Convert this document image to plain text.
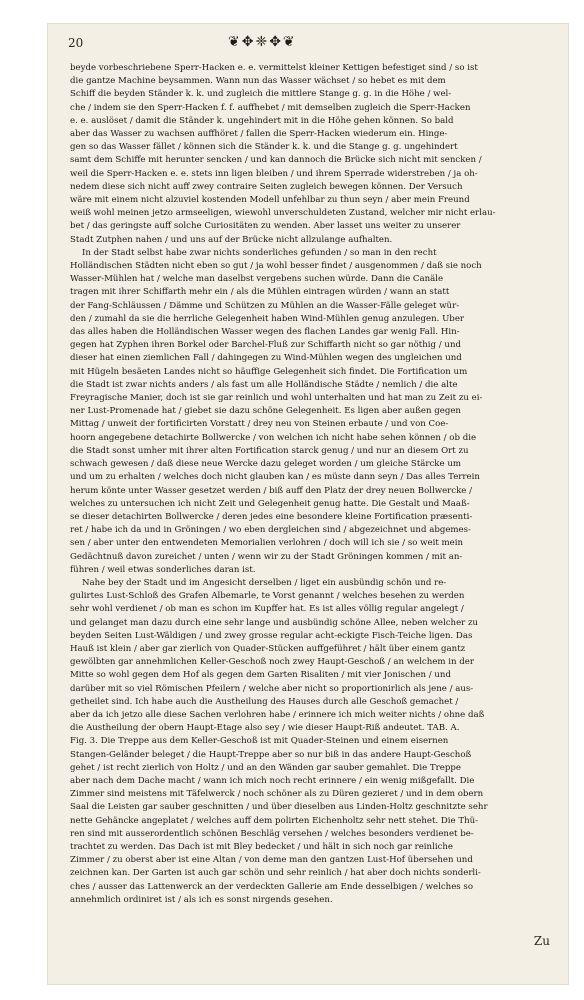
20	❦✥❈✥❦
beyde vorbeschriebene Sperr-Hacken e. e. vermittelst kleiner Kettigen befestiget sind / so ist
die gantze Machine beysammen. Wann nun das Wasser wächset / so hebet es mit dem
Schiff die beyden Ständer k. k. und zugleich die mittlere Stange g. g. in die Höhe / wel-
che / indem sie den Sperr-Hacken f. f. auffhebet / mit demselben zugleich die Sperr-Hacken
e. e. auslöset / damit die Ständer k. ungehindert mit in die Höhe gehen können. So bald
aber das Wasser zu wachsen auffhöret / fallen die Sperr-Hacken wiederum ein. Hinge-
gen so das Wasser fället / können sich die Ständer k. k. und die Stange g. g. ungehindert
samt dem Schiffe mit herunter sencken / und kan dannoch die Brücke sich nicht mit sencken /
weil die Sperr-Hacken e. e. stets inn ligen bleiben / und ihrem Sperrade widerstreben / ja oh-
nedem diese sich nicht auff zwey contraire Seiten zugleich bewegen können. Der Versuch
wäre mit einem nicht alzuviel kostenden Modell unfehlbar zu thun seyn / aber mein Freund
weiß wohl meinen jetzo armseeligen, wiewohl unverschuldeten Zustand, welcher mir nicht erlau-
bet / das geringste auff solche Curiositäten zu wenden. Aber lasset uns weiter zu unserer
Stadt Zutphen nahen / und uns auf der Brücke nicht allzulange aufhalten.
In der Stadt selbst habe zwar nichts sonderliches gefunden / so man in den recht
Holländischen Städten nicht eben so gut / ja wohl besser findet / ausgenommen / daß sie noch
Wasser-Mühlen hat / welche man daselbst vergebens suchen würde. Dann die Canäle
tragen mit ihrer Schiffarth mehr ein / als die Mühlen eintragen würden / wann an statt
der Fang-Schläussen / Dämme und Schützen zu Mühlen an die Wasser-Fälle geleget wür-
den / zumahl da sie die herrliche Gelegenheit haben Wind-Mühlen genug anzulegen. Uber
das alles haben die Holländischen Wasser wegen des flachen Landes gar wenig Fall. Hin-
gegen hat Zyphen ihren Borkel oder Barchel-Fluß zur Schiffarth nicht so gar nöthig / und
dieser hat einen ziemlichen Fall / dahingegen zu Wind-Mühlen wegen des ungleichen und
mit Hügeln besäeten Landes nicht so häuffige Gelegenheit sich findet. Die Fortification um
die Stadt ist zwar nichts anders / als fast um alle Holländische Städte / nemlich / die alte
Freyragische Manier, doch ist sie gar reinlich und wohl unterhalten und hat man zu Zeit zu ei-
ner Lust-Promenade hat / giebet sie dazu schöne Gelegenheit. Es ligen aber außen gegen
Mittag / unweit der fortificirten Vorstatt / drey neu von Steinen erbaute / und von Coe-
hoorn angegebene detachirte Bollwercke / von welchen ich nicht habe sehen können / ob die
die Stadt sonst umher mit ihrer alten Fortification starck genug / und nur an diesem Ort zu
schwach gewesen / daß diese neue Wercke dazu geleget worden / um gleiche Stärcke um
und um zu erhalten / welches doch nicht glauben kan / es müste dann seyn / Das alles Terrein
herum könte unter Wasser gesetzet werden / biß auff den Platz der drey neuen Bollwercke /
welches zu untersuchen ich nicht Zeit und Gelegenheit genug hatte. Die Gestalt und Maaß-
se dieser detachirten Bollwercke / deren jedes eine besondere kleine Fortification præsenti-
ret / habe ich da und in Gröningen / wo eben dergleichen sind / abgezeichnet und abgemes-
sen / aber unter den entwendeten Memorialien verlohren / doch will ich sie / so weit mein
Gedächtnuß davon zureichet / unten / wenn wir zu der Stadt Gröningen kommen / mit an-
führen / weil etwas sonderliches daran ist.
Nahe bey der Stadt und im Angesicht derselben / liget ein ausbündig schön und re-
gulirtes Lust-Schloß des Grafen Albemarle, te Vorst genannt / welches besehen zu werden
sehr wohl verdienet / ob man es schon im Kupffer hat. Es ist alles völlig regular angelegt /
und gelanget man dazu durch eine sehr lange und ausbündig schöne Allee, neben welcher zu
beyden Seiten Lust-Wäldigen / und zwey grosse regular acht-eckigte Fisch-Teiche ligen. Das
Hauß ist klein / aber gar zierlich von Quader-Stücken auffgeführet / hält über einem gantz
gewölbten gar annehmlichen Keller-Geschoß noch zwey Haupt-Geschoß / an welchem in der
Mitte so wohl gegen dem Hof als gegen dem Garten Risaliten / mit vier Jonischen / und
darüber mit so viel Römischen Pfeilern / welche aber nicht so proportionirlich als jene / aus-
getheilet sind. Ich habe auch die Austheilung des Hauses durch alle Geschoß gemachet /
aber da ich jetzo alle diese Sachen verlohren habe / erinnere ich mich weiter nichts / ohne daß
die Austheilung der obern Haupt-Etage also sey / wie dieser Haupt-Riß andeutet. TAB. A.
Fig. 3. Die Treppe aus dem Keller-Geschoß ist mit Quader-Steinen und einem eisernen
Stangen-Geländer beleget / die Haupt-Treppe aber so nur biß in das andere Haupt-Geschoß
gehet / ist recht zierlich von Holtz / und an den Wänden gar sauber gemahlet. Die Treppe
aber nach dem Dache macht / wann ich mich noch recht erinnere / ein wenig mißgefallt. Die
Zimmer sind meistens mit Täfelwerck / noch schöner als zu Düren gezieret / und in dem obern
Saal die Leisten gar sauber geschnitten / und über dieselben aus Linden-Holtz geschnitzte sehr
nette Gehäncke angeplatet / welches auff dem polirten Eichenholtz sehr nett stehet. Die Thü-
ren sind mit ausserordentlich schönen Beschläg versehen / welches besonders verdienet be-
trachtet zu werden. Das Dach ist mit Bley bedecket / und hält in sich noch gar reinliche
Zimmer / zu oberst aber ist eine Altan / von deme man den gantzen Lust-Hof übersehen und
zeichnen kan. Der Garten ist auch gar schön und sehr reinlich / hat aber doch nichts sonderli-
ches / ausser das Lattenwerck an der verdeckten Gallerie am Ende desselbigen / welches so
annehmlich ordiniret ist / als ich es sonst nirgends gesehen.
Zu
